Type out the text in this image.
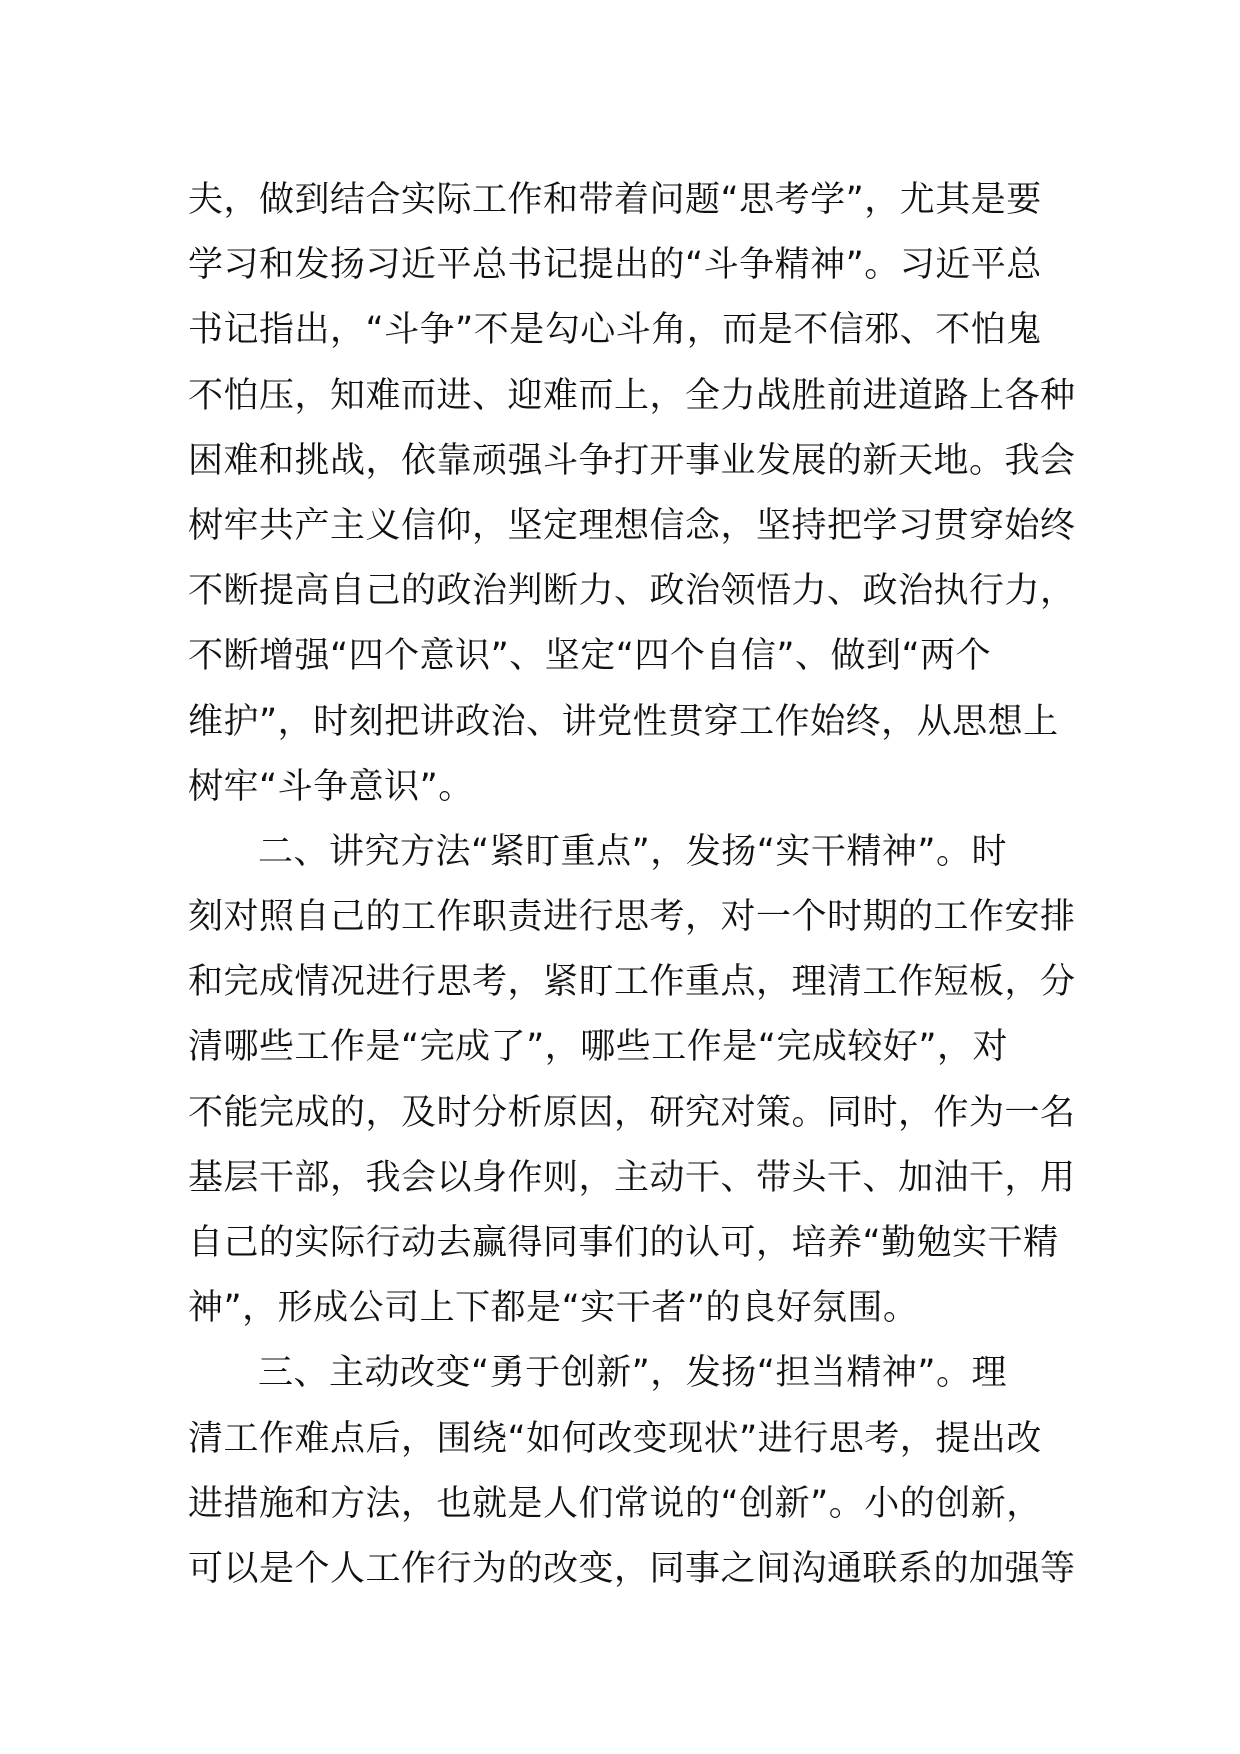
夫，做到结合实际工作和带着问题“思考学”，尤其是要
学习和发扬习近平总书记提出的“斗争精神”。习近平总
书记指出，“斗争”不是勾心斗角，而是不信邪、不怕鬼
不怕压，知难而进、迎难而上，全力战胜前进道路上各种
困难和挑战，依靠顽强斗争打开事业发展的新天地。我会
树牢共产主义信仰，坚定理想信念，坚持把学习贯穿始终
不断提高自己的政治判断力、政治领悟力、政治执行力，
不断增强“四个意识”、坚定“四个自信”、做到“两个
维护”，时刻把讲政治、讲党性贯穿工作始终，从思想上
树牢“斗争意识”。
二、讲究方法“紧盯重点”，发扬“实干精神”。时
刻对照自己的工作职责进行思考，对一个时期的工作安排
和完成情况进行思考，紧盯工作重点，理清工作短板，分
清哪些工作是“完成了”，哪些工作是“完成较好”，对
不能完成的，及时分析原因，研究对策。同时，作为一名
基层干部，我会以身作则，主动干、带头干、加油干，用
自己的实际行动去赢得同事们的认可，培养“勤勉实干精
神”，形成公司上下都是“实干者”的良好氛围。
三、主动改变“勇于创新”，发扬“担当精神”。理
清工作难点后，围绕“如何改变现状”进行思考，提出改
进措施和方法，也就是人们常说的“创新”。小的创新，
可以是个人工作行为的改变，同事之间沟通联系的加强等
